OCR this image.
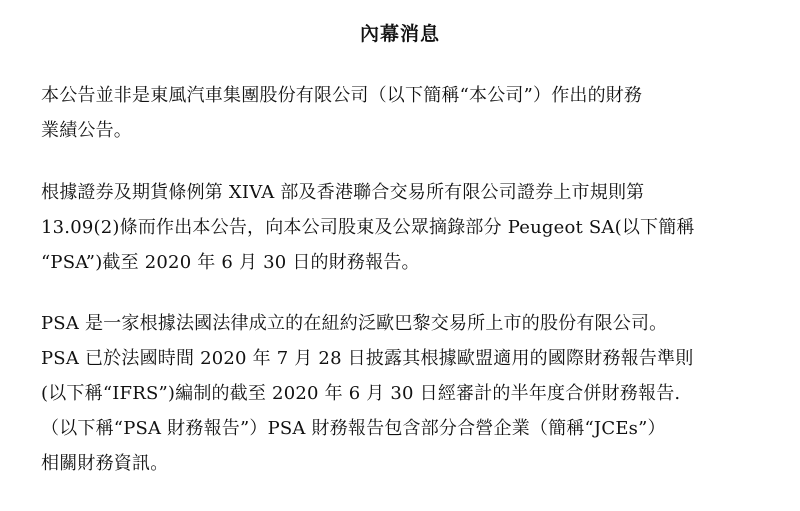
內幕消息
本公告並非是東風汽車集團股份有限公司（以下簡稱“本公司”）作出的財務
業績公告。
根據證券及期貨條例第 XIVA 部及香港聯合交易所有限公司證券上市規則第
13.09(2)條而作出本公告，向本公司股東及公眾摘錄部分 Peugeot SA(以下簡稱
“PSA”)截至 2020 年 6 月 30 日的財務報告。
PSA 是一家根據法國法律成立的在紐約泛歐巴黎交易所上市的股份有限公司。
PSA 已於法國時間 2020 年 7 月 28 日披露其根據歐盟適用的國際財務報告準則
(以下稱“IFRS”)編制的截至 2020 年 6 月 30 日經審計的半年度合併財務報告.
（以下稱“PSA 財務報告”）PSA 財務報告包含部分合營企業（簡稱“JCEs”）
相關財務資訊。
